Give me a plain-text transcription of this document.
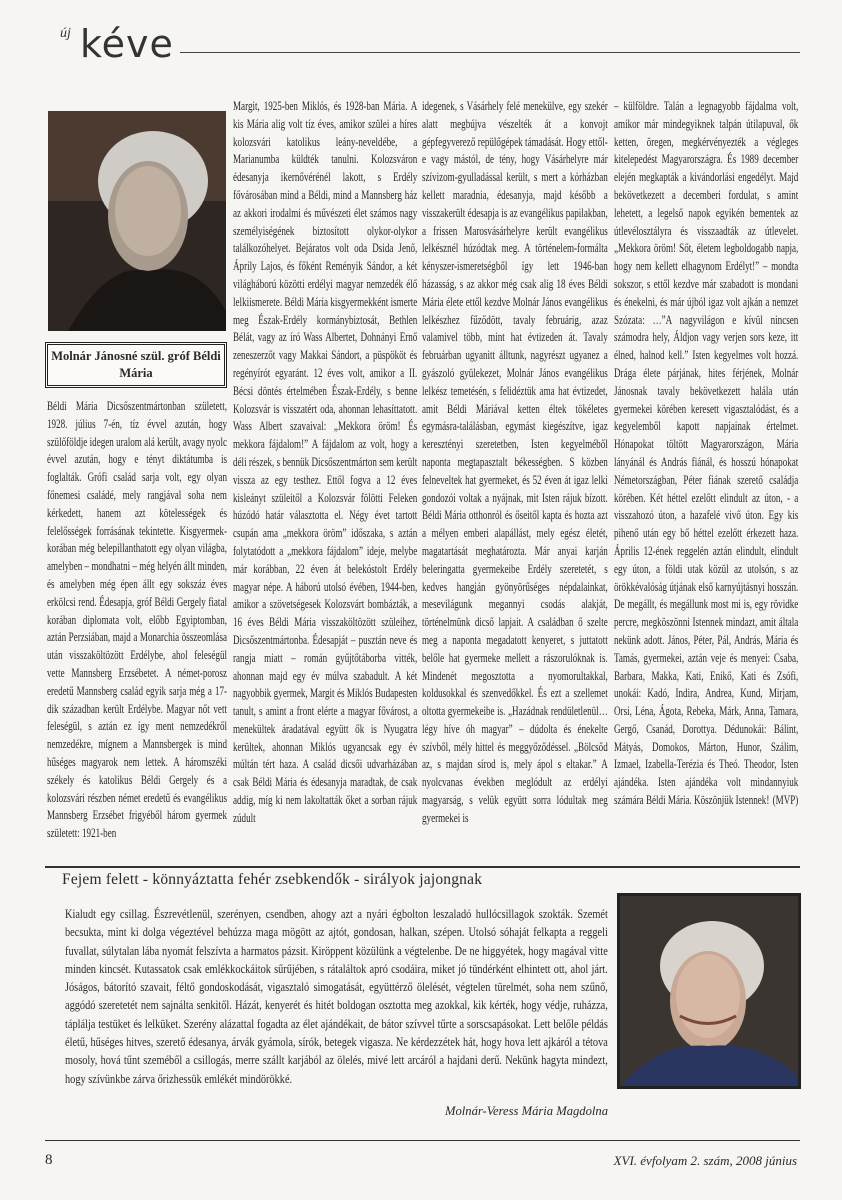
új kéve
Molnár Jánosné szül. gróf Béldi Mária
Béldi Mária Dicsőszentmártonban született, 1928. július 7-én, tíz évvel azután, hogy szülőföldje idegen uralom alá került, avagy nyolc évvel azután, hogy e tényt diktátumba is foglalták. Grófi család sarja volt, egy olyan főnemesi családé, mely rangjával soha nem kérkedett, hanem azt kötelességek és felelősségek forrásának tekintette. Kisgyermek-korában még belepillanthatott egy olyan világba, amelyben – mondhatni – még helyén állt minden, és amelyben még épen állt egy sokszáz éves erkölcsi rend. Édesapja, gróf Béldi Gergely fiatal korában diplomata volt, előbb Egyiptomban, aztán Perzsiában, majd a Monarchia összeomlása után visszaköltözött Erdélybe, ahol feleségül vette Mannsberg Erzsébetet. A német-porosz eredetű Mannsberg család egyik sarja még a 17-dik században került Erdélybe. Magyar nőt vett feleségül, s aztán ez így ment nemzedékről nemzedékre, mígnem a Mannsbergek is mind hűséges magyarok nem lettek. A háromszéki székely és katolikus Béldi Gergely és a kolozsvári részben német eredetű és evangélikus Mannsberg Erzsébet frigyéből három gyermek született: 1921-ben
Margit, 1925-ben Miklós, és 1928-ban Mária. A kis Mária alig volt tíz éves, amikor szülei a híres kolozsvári katolikus leány-neveldébe, a Marianumba küldték tanulni. Kolozsváron édesanyja ikernővérénél lakott, s Erdély fővárosában mind a Béldi, mind a Mannsberg ház az akkori irodalmi és művészeti élet számos nagy személyiségének biztosított olykor-olykor találkozóhelyet. Bejáratos volt oda Dsida Jenő, Áprily Lajos, és főként Reményik Sándor, a két világháború közötti erdélyi magyar nemzedék élő lelkiismerete. Béldi Mária kisgyermekként ismerte meg Észak-Erdély kormánybiztosát, Bethlen Bélát, vagy az író Wass Albertet, Dohnányi Ernő zeneszerzőt vagy Makkai Sándort, a püspököt és regényírót egyaránt. 12 éves volt, amikor a II. Bécsi döntés értelmében Észak-Erdély, s benne Kolozsvár is visszatért oda, ahonnan lehasíttatott. Wass Albert szavaival: „Mekkora öröm! És mekkora fájdalom!” A fájdalom az volt, hogy a déli részek, s bennük Dicsőszentmárton sem került vissza az egy testhez. Ettől fogva a 12 éves kisleányt szüleitől a Kolozsvár fölötti Feleken húzódó határ választotta el. Négy évet tartott csupán ama „mekkora öröm” időszaka, s aztán folytatódott a „mekkora fájdalom” ideje, melybe már korábban, 22 éven át belekóstolt Erdély magyar népe. A háború utolsó évében, 1944-ben, amikor a szövetségesek Kolozsvárt bombázták, a 16 éves Béldi Mária visszaköltözött szüleihez, Dicsőszentmártonba. Édesapját – pusztán neve és rangja miatt – román gyűjtőtáborba vitték, ahonnan majd egy év múlva szabadult. A két nagyobbik gyermek, Margit és Miklós Budapesten tanult, s amint a front elérte a magyar fővárost, a menekültek áradatával együtt ők is Nyugatra kerültek, ahonnan Miklós ugyancsak egy év múltán tért haza. A család dicsői udvarházában csak Béldi Mária és édesanyja maradtak, de csak addig, míg ki nem lakoltatták őket a sorban rájuk zúdult
idegenek, s Vásárhely felé menekülve, egy szekér alatt megbújva vészelték át a konvojt gépfegyverező repülőgépek támadását. Hogy ettől-e vagy mástól, de tény, hogy Vásárhelyre már szívizom-gyulladással került, s mert a kórházban kellett maradnia, édesanyja, majd később a visszakerült édesapja is az evangélikus papilakban, a frissen Marosvásárhelyre került evangélikus lelkésznél húzódtak meg. A történelem-formálta kényszer-ismeretségből így lett 1946-ban házasság, s az akkor még csak alig 18 éves Béldi Mária élete ettől kezdve Molnár János evangélikus lelkészhez fűződött, tavaly februárig, azaz valamivel több, mint hat évtizeden át. Tavaly februárban ugyanitt álltunk, nagyrészt ugyanez a gyászoló gyülekezet, Molnár János evangélikus lelkész temetésén, s felidéztük ama hat évtizedet, amit Béldi Máriával ketten éltek tökéletes egymásra-találásban, egymást kiegészítve, igaz keresztényi szeretetben, Isten kegyelméből naponta megtapasztalt békességben. S közben felneveltek hat gyermeket, és 52 éven át igaz lelki gondozói voltak a nyájnak, mit Isten rájuk bízott. Béldi Mária otthonról és őseitől kapta és hozta azt a mélyen emberi alapállást, mely egész életét, magatartását meghatározta. Már anyai karján beleringatta gyermekeibe Erdély szeretetét, s kedves hangján gyönyörűséges népdalainkat, mesevilágunk megannyi csodás alakját, történelmünk dicső lapjait. A családban ő szelte meg a naponta megadatott kenyeret, s juttatott belőle hat gyermeke mellett a rászorulóknak is. Mindenét megosztotta a nyomorultakkal, koldusokkal és szenvedőkkel. És ezt a szellemet oltotta gyermekeibe is. „Hazádnak rendületlenül… légy híve óh magyar” – dúdolta és énekelte szívből, mély hittel és meggyőződéssel. „Bölcsőd az, s majdan sírod is, mely ápol s eltakar.” A nyolcvanas években meglódult az erdélyi magyarság, s velük együtt sorra lódultak meg gyermekei is
– külföldre. Talán a legnagyobb fájdalma volt, amikor már mindegyiknek talpán útilapuval, ők ketten, öregen, megkérvényezték a végleges kitelepedést Magyarországra. És 1989 december elején megkapták a kivándorlási engedélyt. Majd bekövetkezett a decemberi fordulat, s amint lehetett, a legelső napok egyikén bementek az útlevélosztályra és visszaadták az útlevelet. „Mekkora öröm! Sőt, életem legboldogabb napja, hogy nem kellett elhagynom Erdélyt!” – mondta sokszor, s ettől kezdve már szabadott is mondani és énekelni, és már újból igaz volt ajkán a nemzet Szózata: …”A nagyvilágon e kívül nincsen számodra hely, Áldjon vagy verjen sors keze, itt élned, halnod kell.” Isten kegyelmes volt hozzá. Drága élete párjának, hites férjének, Molnár Jánosnak tavaly bekövetkezett halála után gyermekei körében keresett vigasztalódást, és a kegyelemből kapott napjainak értelmet. Hónapokat töltött Magyarországon, Mária lányánál és András fiánál, és hosszú hónapokat Németországban, Péter fiának szerető családja körében. Két héttel ezelőtt elindult az úton, - a visszahozó úton, a hazafelé vivő úton. Egy kis pihenő után egy bő héttel ezelőtt érkezett haza. Április 12-ének reggelén aztán elindult, elindult egy úton, a földi utak közül az utolsón, s az örökkévalóság útjának első karnyújtásnyi hosszán. De megállt, és megállunk most mi is, egy rövidke percre, megköszönni Istennek mindazt, amit általa nekünk adott. János, Péter, Pál, András, Mária és Tamás, gyermekei, aztán veje és menyei: Csaba, Barbara, Makka, Kati, Enikő, Kati és Zsófi, unokái: Kadó, Indira, Andrea, Kund, Mirjam, Orsi, Léna, Ágota, Rebeka, Márk, Anna, Tamara, Gergő, Csanád, Dorottya. Dédunokái: Bálint, Mátyás, Domokos, Márton, Hunor, Szálim, Izmael, Izabella-Terézia és Theó. Theodor, Isten ajándéka. Isten ajándéka volt mindannyiuk számára Béldi Mária. Köszönjük Istennek! (MVP)
Fejem felett - könnyáztatta fehér zsebkendők - sirályok jajongnak
Kialudt egy csillag. Észrevétlenül, szerényen, csendben, ahogy azt a nyári égbolton leszaladó hullócsillagok szokták. Szemét becsukta, mint ki dolga végeztével behúzza maga mögött az ajtót, gondosan, halkan, szépen. Utolsó sóhaját felkapta a reggeli fuvallat, súlytalan lába nyomát felszívta a harmatos pázsit. Kiröppent közülünk a végtelenbe. De ne higgyétek, hogy magával vitte minden kincsét. Kutassatok csak emlékkockáitok sűrűjében, s rátaláltok apró csodáira, miket jó tündérként elhintett ott, ahol járt. Jóságos, bátorító szavait, féltő gondoskodását, vigasztaló simogatását, együttérző ölelését, végtelen türelmét, soha nem szűnő, aggódó szeretetét nem sajnálta senkitől. Házát, kenyerét és hitét boldogan osztotta meg azokkal, kik kérték, hogy védje, ruházza, táplálja testüket és lelküket. Szerény alázattal fogadta az élet ajándékait, de bátor szívvel tűrte a sorscsapásokat. Lett belőle példás életű, hűséges hitves, szerető édesanya, árvák gyámola, sírók, betegek vigasza. Ne kérdezzétek hát, hogy hova lett ajkáról a tétova mosoly, hová tűnt szeméből a csillogás, merre szállt karjából az ölelés, mivé lett arcáról a hajdani derű. Nekünk hagyta mindezt, hogy szívünkbe zárva őrizhessük emlékét mindörökké.
Molnár-Veress Mária Magdolna
8	XVI. évfolyam 2. szám, 2008 június
